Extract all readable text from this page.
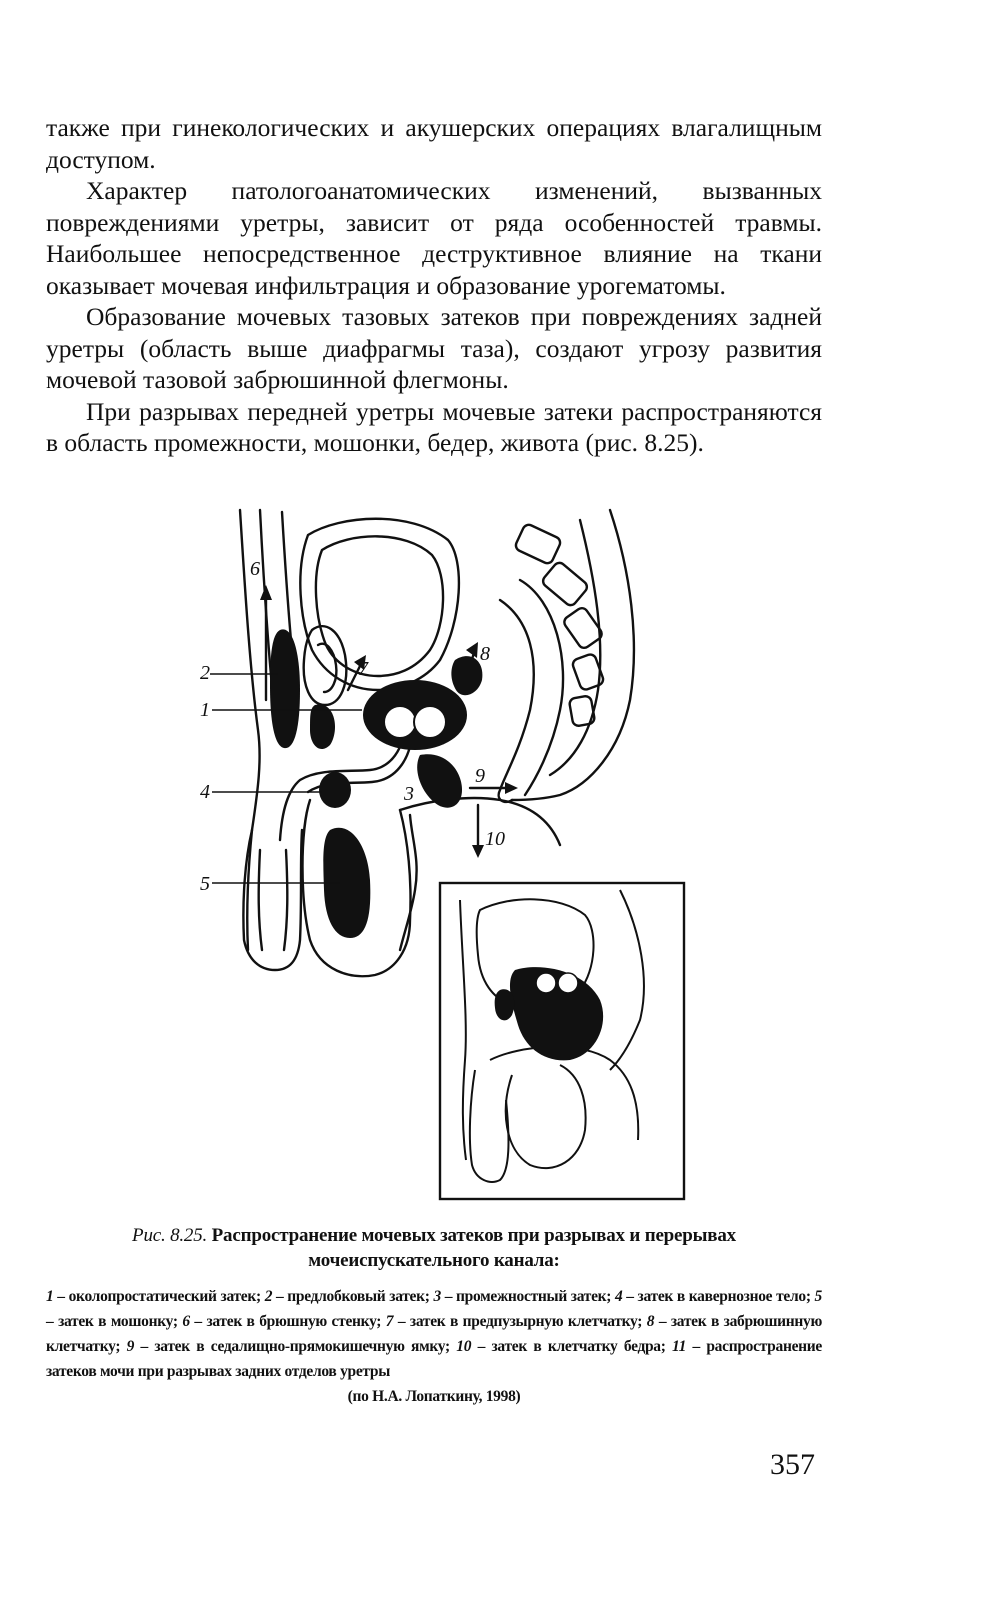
также при гинекологических и акушерских операциях влагалищным доступом.

Характер патологоанатомических изменений, вызванных повреждениями уретры, зависит от ряда особенностей травмы. Наибольшее непосредственное деструктивное влияние на ткани оказывает мочевая инфильтрация и образование урогематомы.

Образование мочевых тазовых затеков при повреждениях задней уретры (область выше диафрагмы таза), создают угрозу развития мочевой тазовой забрюшинной флегмоны.

При разрывах передней уретры мочевые затеки распространяются в область промежности, мошонки, бедер, живота (рис. 8.25).

2
1
4
5
6
7
8
9
3
10
Рис. 8.25. Распространение мочевых затеков при разрывах и перерывах мочеиспускательного канала:
1 – околопростатический затек; 2 – предлобковый затек; 3 – промежностный затек; 4 – затек в кавернозное тело; 5 – затек в мошонку; 6 – затек в брюшную стенку; 7 – затек в предпузырную клетчатку; 8 – затек в забрюшинную клетчатку; 9 – затек в седалищно-прямокишечную ямку; 10 – затек в клетчатку бедра; 11 – распространение затеков мочи при разрывах задних отделов уретры
(по Н.А. Лопаткину, 1998)
357
